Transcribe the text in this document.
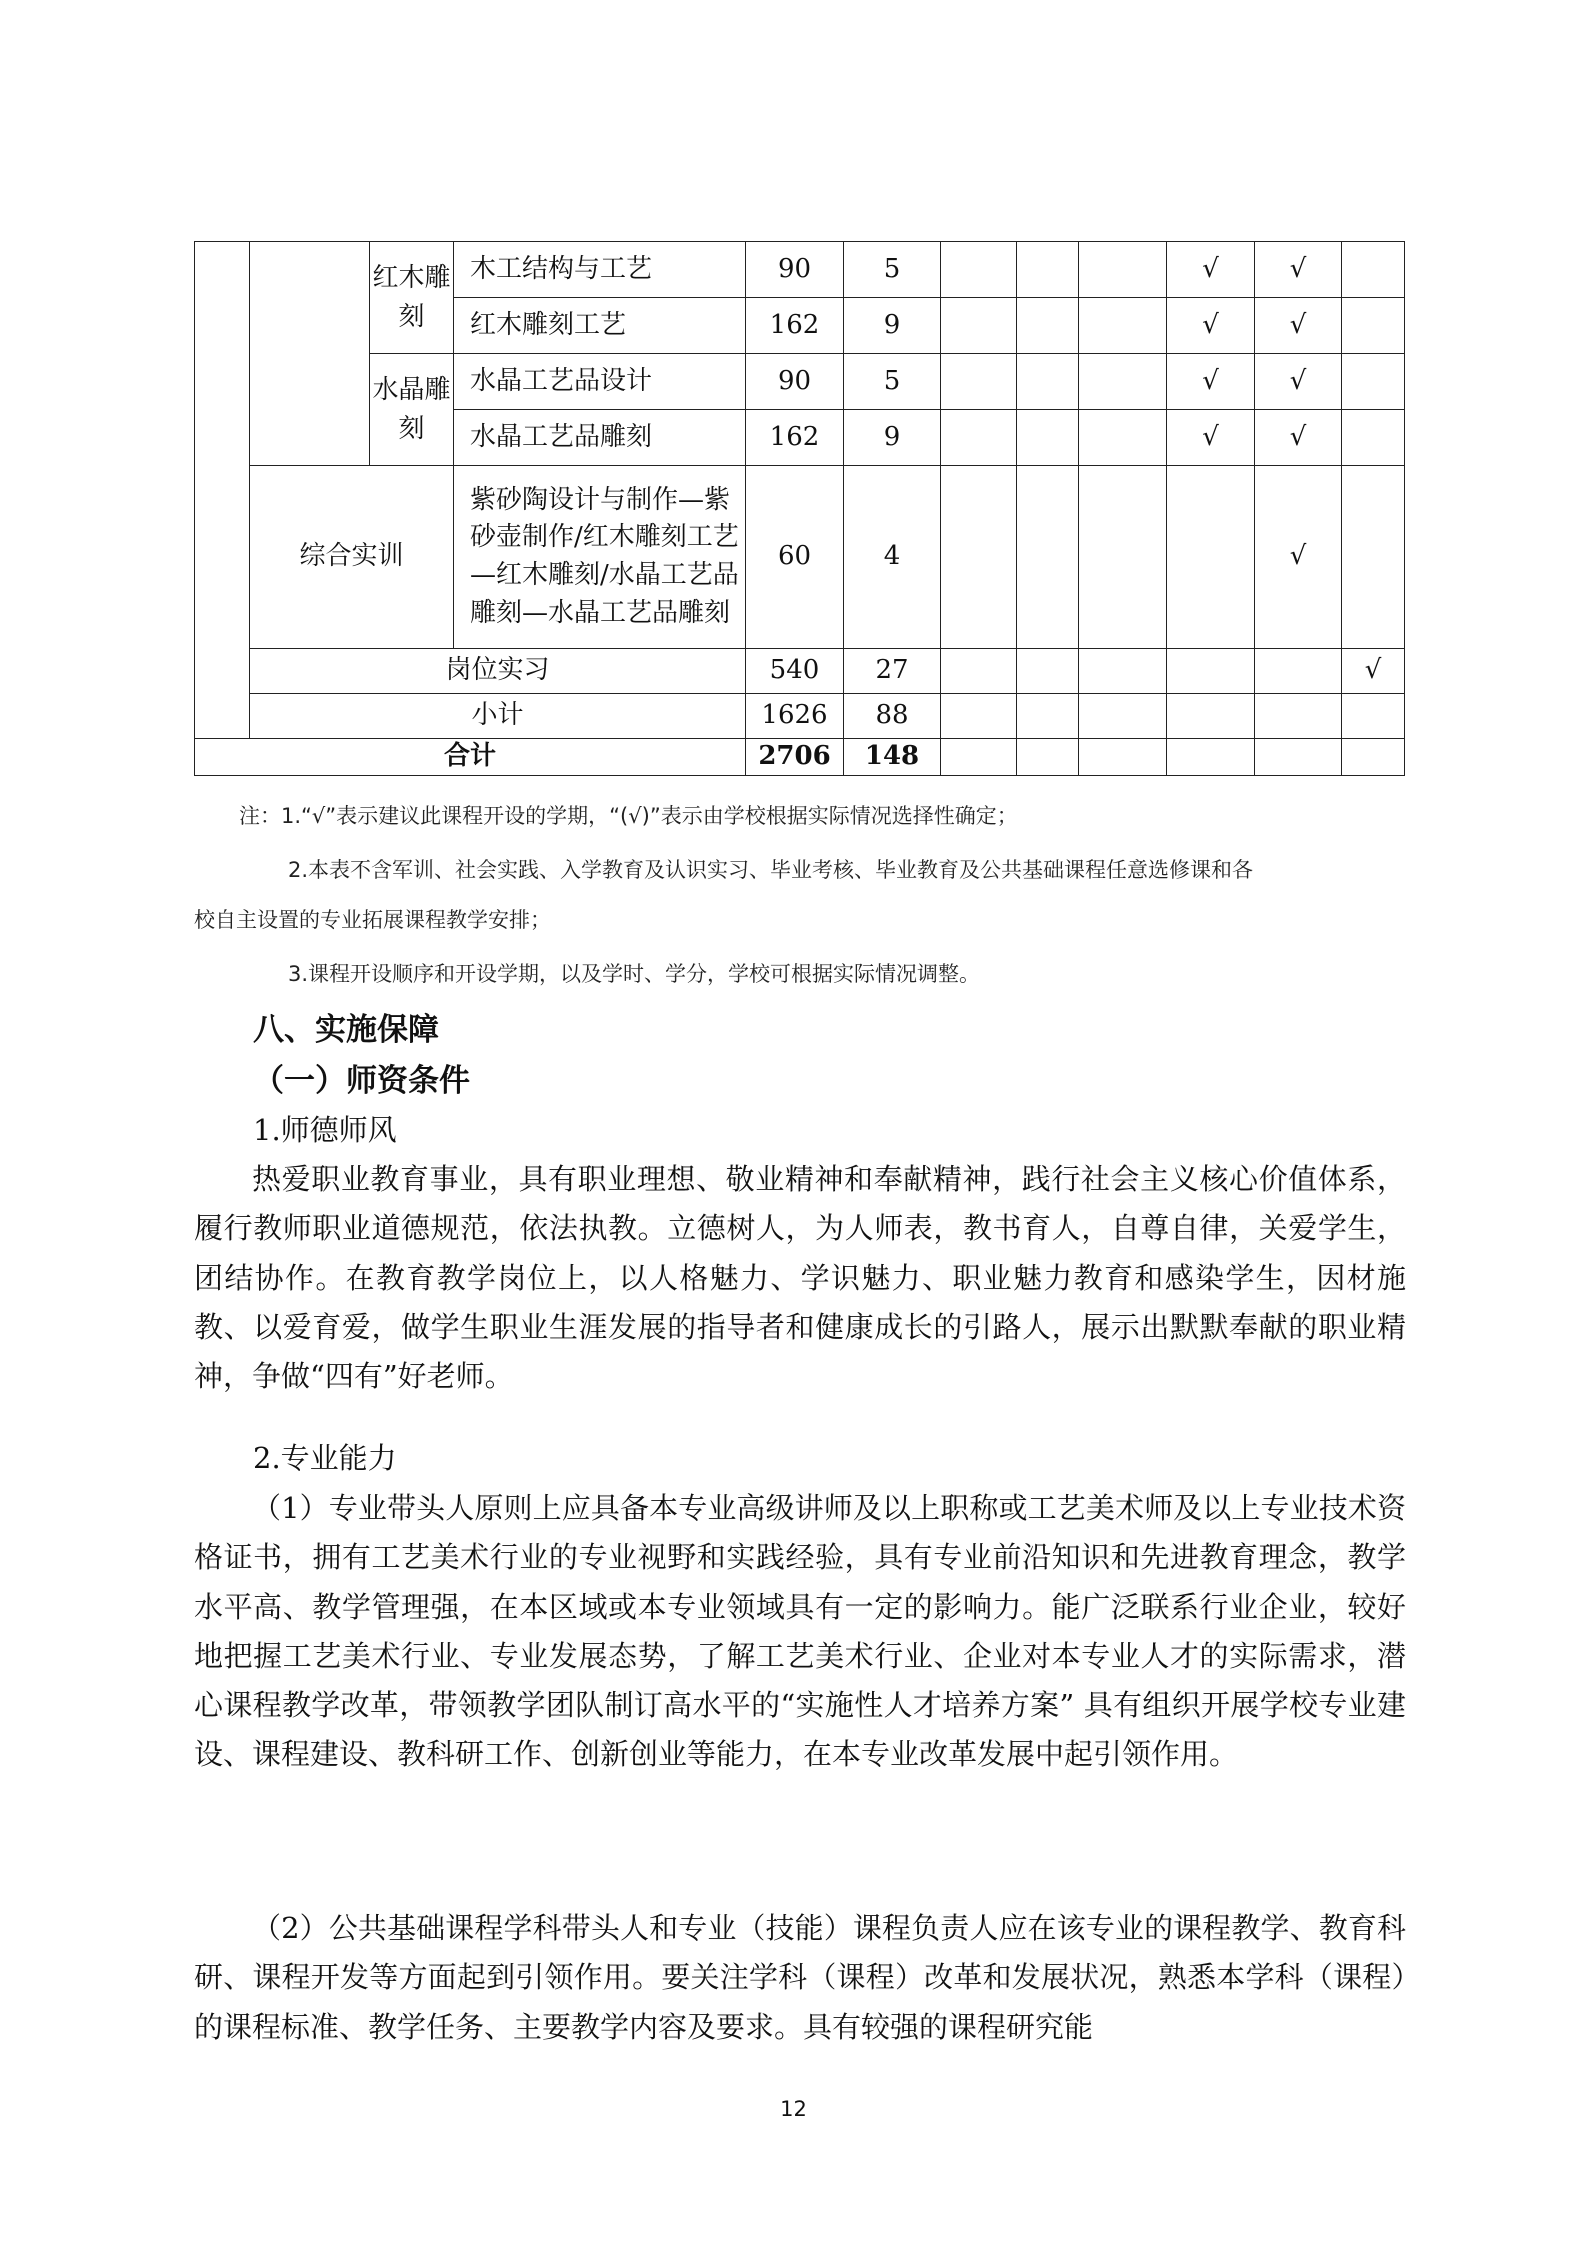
		红木雕刻	木工结构与工艺	90	5				√	√	
			红木雕刻工艺	162	9				√	√	
		水晶雕刻	水晶工艺品设计	90	5				√	√	
			水晶工艺品雕刻	162	9				√	√	
	综合实训		紫砂陶设计与制作—紫砂壶制作/红木雕刻工艺—红木雕刻/水晶工艺品雕刻—水晶工艺品雕刻	60	4					√	
	岗位实习			540	27						√
	小计			1626	88						
合计				2706	148						
注：1.“√”表示建议此课程开设的学期，“(√)”表示由学校根据实际情况选择性确定；
2.本表不含军训、社会实践、入学教育及认识实习、毕业考核、毕业教育及公共基础课程任意选修课和各
校自主设置的专业拓展课程教学安排；
3.课程开设顺序和开设学期，以及学时、学分，学校可根据实际情况调整。
八、实施保障
（一）师资条件
1.师德师风

热爱职业教育事业，具有职业理想、敬业精神和奉献精神，践行社会主义核心价值体系，履行教师职业道德规范，依法执教。立德树人，为人师表，教书育人，自尊自律，关爱学生，团结协作。在教育教学岗位上，以人格魅力、学识魅力、职业魅力教育和感染学生，因材施教、以爱育爱，做学生职业生涯发展的指导者和健康成长的引路人，展示出默默奉献的职业精神，争做“四有”好老师。

2.专业能力

（1）专业带头人原则上应具备本专业高级讲师及以上职称或工艺美术师及以上专业技术资格证书，拥有工艺美术行业的专业视野和实践经验，具有专业前沿知识和先进教育理念，教学水平高、教学管理强，在本区域或本专业领域具有一定的影响力。能广泛联系行业企业，较好地把握工艺美术行业、专业发展态势，了解工艺美术行业、企业对本专业人才的实际需求，潜心课程教学改革，带领教学团队制订高水平的“实施性人才培养方案” 具有组织开展学校专业建设、课程建设、教科研工作、创新创业等能力，在本专业改革发展中起引领作用。

（2）公共基础课程学科带头人和专业（技能）课程负责人应在该专业的课程教学、教育科研、课程开发等方面起到引领作用。要关注学科（课程）改革和发展状况，熟悉本学科（课程）的课程标准、教学任务、主要教学内容及要求。具有较强的课程研究能

12
